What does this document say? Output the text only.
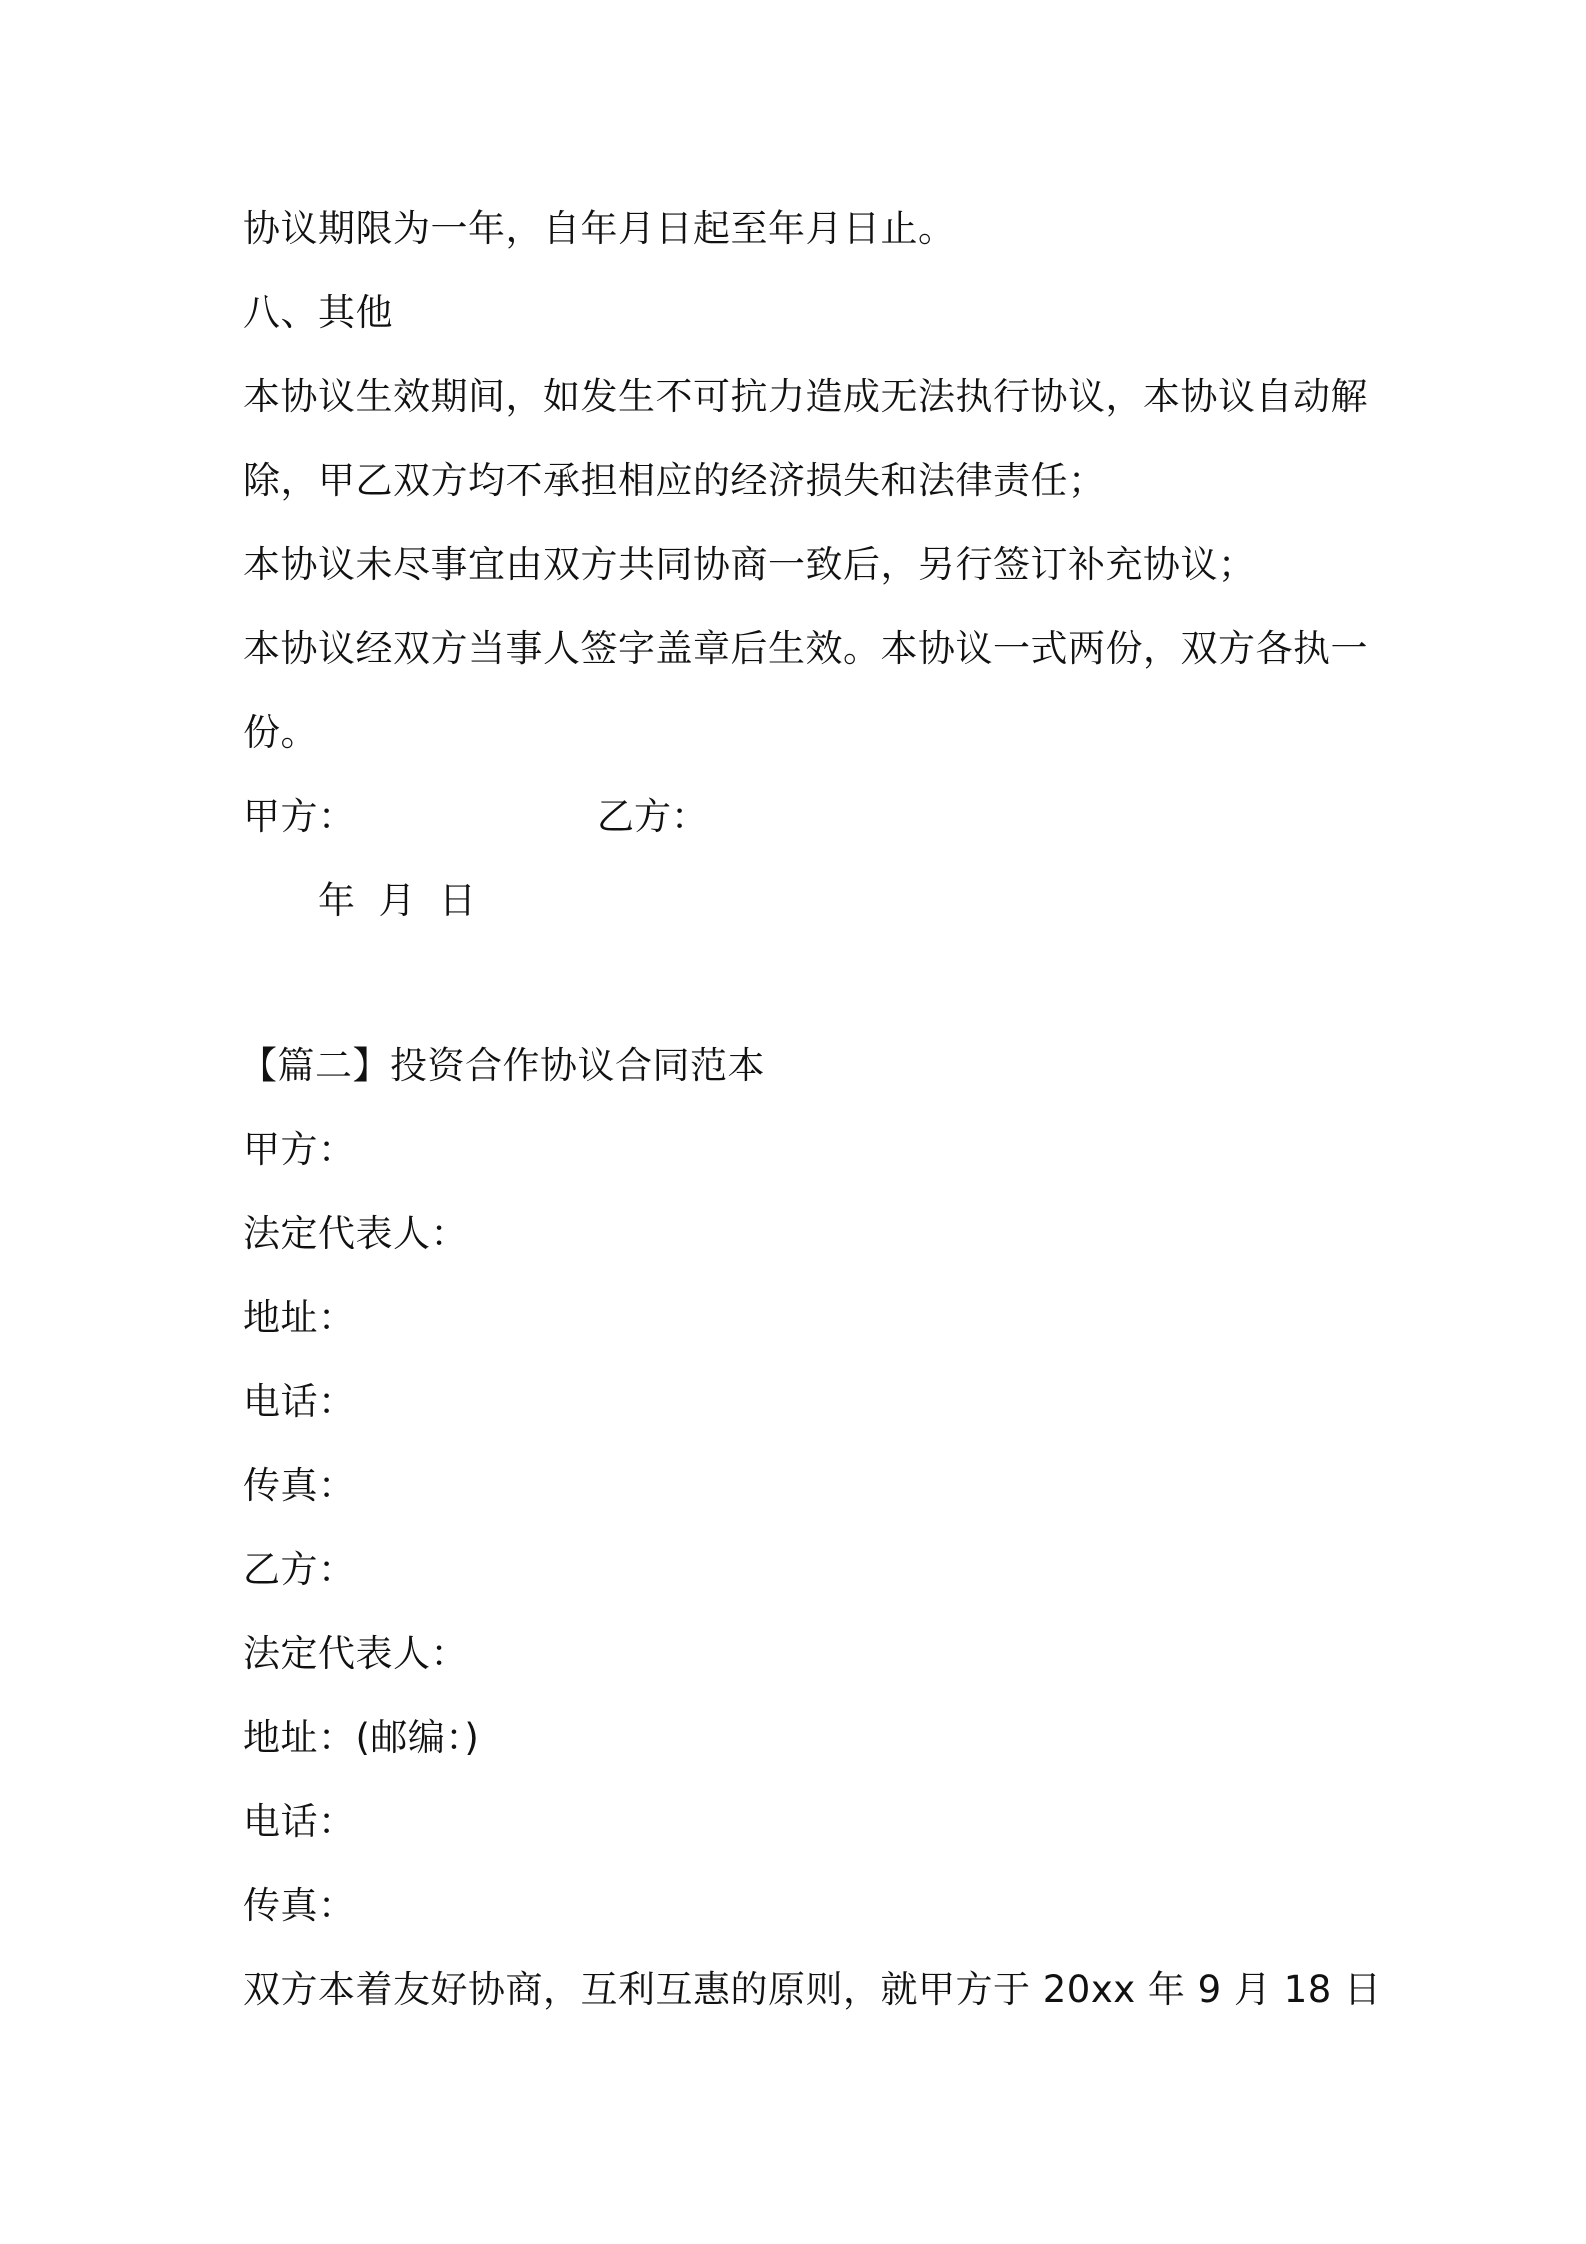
协议期限为一年，自年月日起至年月日止。
八、其他
本协议生效期间，如发生不可抗力造成无法执行协议，本协议自动解
除，甲乙双方均不承担相应的经济损失和法律责任；
本协议未尽事宜由双方共同协商一致后，另行签订补充协议；
本协议经双方当事人签字盖章后生效。本协议一式两份，双方各执一
份。
甲方：	乙方：
年  月  日
【篇二】投资合作协议合同范本
甲方：
法定代表人：
地址：
电话：
传真：
乙方：
法定代表人：
地址：(邮编：)
电话：
传真：
双方本着友好协商，互利互惠的原则，就甲方于 20xx 年 9 月 18 日
